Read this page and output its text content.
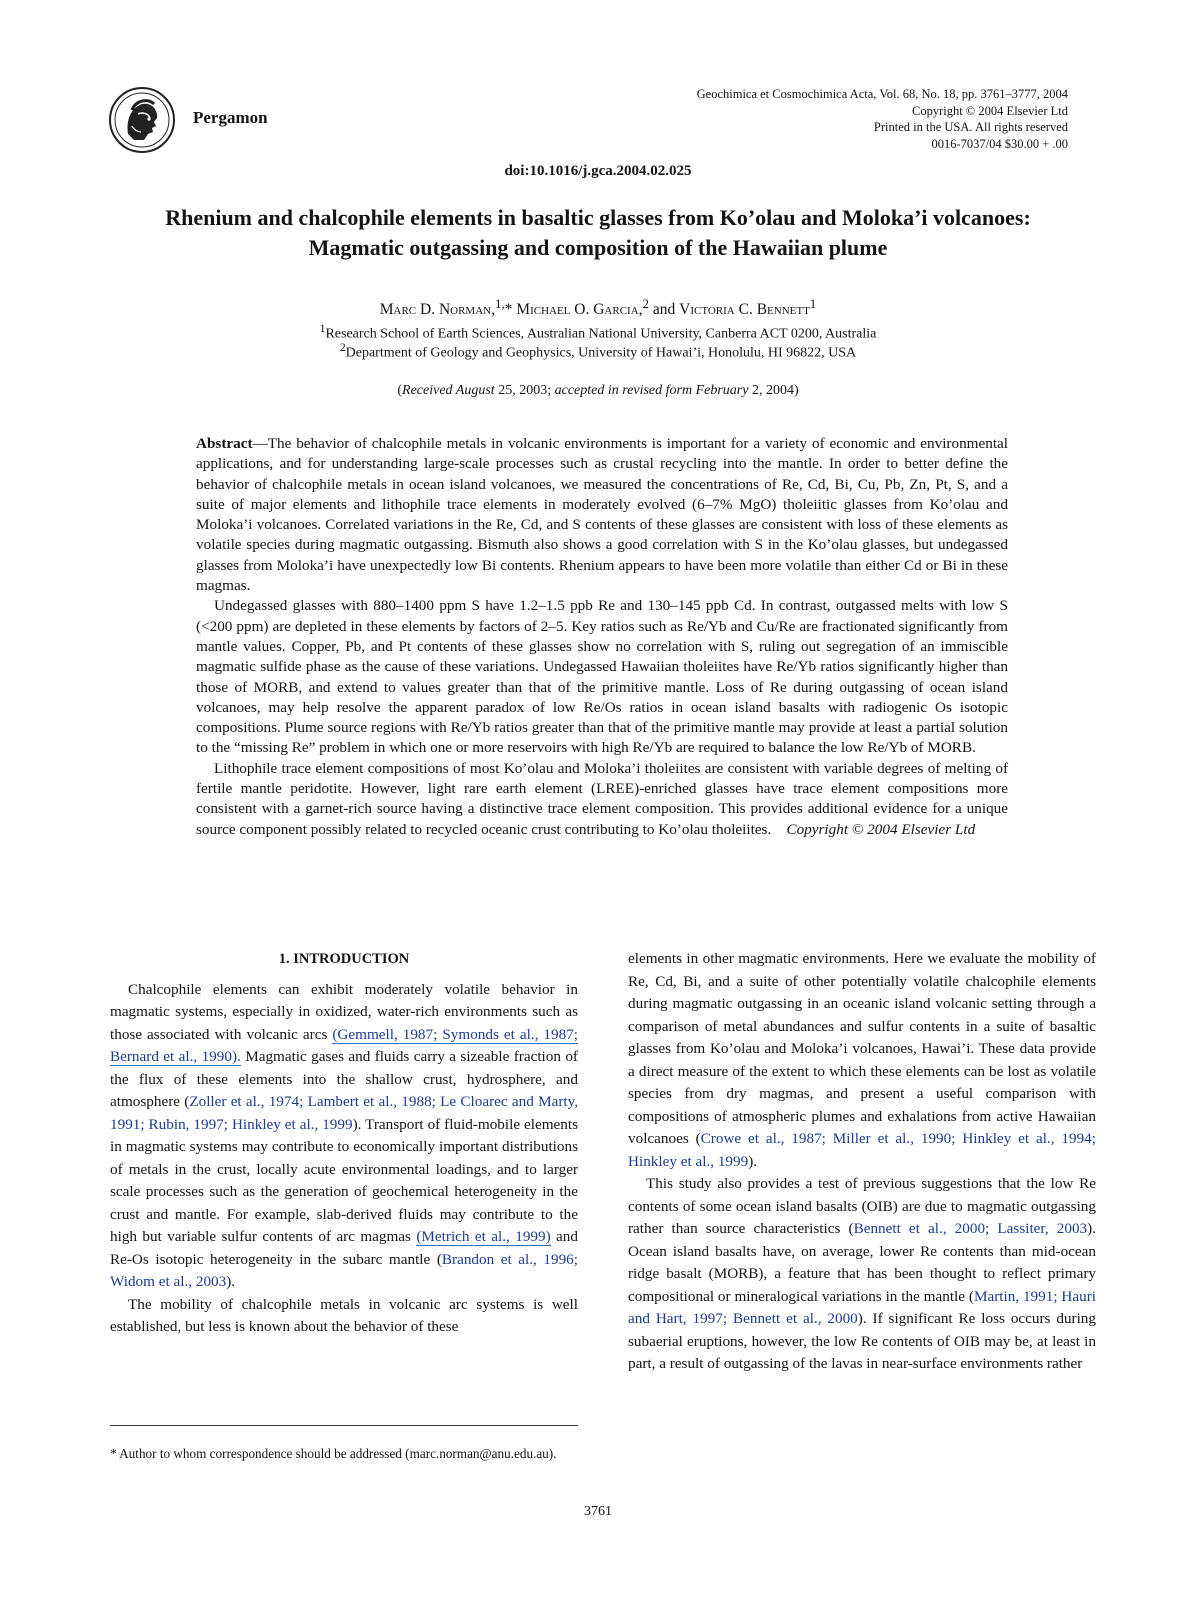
Pergamon
Geochimica et Cosmochimica Acta, Vol. 68, No. 18, pp. 3761–3777, 2004
Copyright © 2004 Elsevier Ltd
Printed in the USA. All rights reserved
0016-7037/04 $30.00 + .00
doi:10.1016/j.gca.2004.02.025
Rhenium and chalcophile elements in basaltic glasses from Ko’olau and Moloka’i volcanoes: Magmatic outgassing and composition of the Hawaiian plume
Marc D. Norman,$^{1,}$* Michael O. Garcia,$^2$ and Victoria C. Bennett$^1$
$^1$Research School of Earth Sciences, Australian National University, Canberra ACT 0200, Australia
$^2$Department of Geology and Geophysics, University of Hawai’i, Honolulu, HI 96822, USA
(Received August 25, 2003; accepted in revised form February 2, 2004)

Abstract—The behavior of chalcophile metals in volcanic environments is important for a variety of economic and environmental applications, and for understanding large-scale processes such as crustal recycling into the mantle. In order to better define the behavior of chalcophile metals in ocean island volcanoes, we measured the concentrations of Re, Cd, Bi, Cu, Pb, Zn, Pt, S, and a suite of major elements and lithophile trace elements in moderately evolved (6–7% MgO) tholeiitic glasses from Ko’olau and Moloka’i volcanoes. Correlated variations in the Re, Cd, and S contents of these glasses are consistent with loss of these elements as volatile species during magmatic outgassing. Bismuth also shows a good correlation with S in the Ko’olau glasses, but undegassed glasses from Moloka’i have unexpectedly low Bi contents. Rhenium appears to have been more volatile than either Cd or Bi in these magmas.

Undegassed glasses with 880–1400 ppm S have 1.2–1.5 ppb Re and 130–145 ppb Cd. In contrast, outgassed melts with low S (<200 ppm) are depleted in these elements by factors of 2–5. Key ratios such as Re/Yb and Cu/Re are fractionated significantly from mantle values. Copper, Pb, and Pt contents of these glasses show no correlation with S, ruling out segregation of an immiscible magmatic sulfide phase as the cause of these variations. Undegassed Hawaiian tholeiites have Re/Yb ratios significantly higher than those of MORB, and extend to values greater than that of the primitive mantle. Loss of Re during outgassing of ocean island volcanoes, may help resolve the apparent paradox of low Re/Os ratios in ocean island basalts with radiogenic Os isotopic compositions. Plume source regions with Re/Yb ratios greater than that of the primitive mantle may provide at least a partial solution to the “missing Re” problem in which one or more reservoirs with high Re/Yb are required to balance the low Re/Yb of MORB.

Lithophile trace element compositions of most Ko’olau and Moloka’i tholeiites are consistent with variable degrees of melting of fertile mantle peridotite. However, light rare earth element (LREE)-enriched glasses have trace element compositions more consistent with a garnet-rich source having a distinctive trace element composition. This provides additional evidence for a unique source component possibly related to recycled oceanic crust contributing to Ko’olau tholeiites. Copyright © 2004 Elsevier Ltd

1. INTRODUCTION

Chalcophile elements can exhibit moderately volatile behavior in magmatic systems, especially in oxidized, water-rich environments such as those associated with volcanic arcs (Gemmell, 1987; Symonds et al., 1987; Bernard et al., 1990). Magmatic gases and fluids carry a sizeable fraction of the flux of these elements into the shallow crust, hydrosphere, and atmosphere (Zoller et al., 1974; Lambert et al., 1988; Le Cloarec and Marty, 1991; Rubin, 1997; Hinkley et al., 1999). Transport of fluid-mobile elements in magmatic systems may contribute to economically important distributions of metals in the crust, locally acute environmental loadings, and to larger scale processes such as the generation of geochemical heterogeneity in the crust and mantle. For example, slab-derived fluids may contribute to the high but variable sulfur contents of arc magmas (Metrich et al., 1999) and Re-Os isotopic heterogeneity in the subarc mantle (Brandon et al., 1996; Widom et al., 2003).

The mobility of chalcophile metals in volcanic arc systems is well established, but less is known about the behavior of these

elements in other magmatic environments. Here we evaluate the mobility of Re, Cd, Bi, and a suite of other potentially volatile chalcophile elements during magmatic outgassing in an oceanic island volcanic setting through a comparison of metal abundances and sulfur contents in a suite of basaltic glasses from Ko’olau and Moloka’i volcanoes, Hawai’i. These data provide a direct measure of the extent to which these elements can be lost as volatile species from dry magmas, and present a useful comparison with compositions of atmospheric plumes and exhalations from active Hawaiian volcanoes (Crowe et al., 1987; Miller et al., 1990; Hinkley et al., 1994; Hinkley et al., 1999).

This study also provides a test of previous suggestions that the low Re contents of some ocean island basalts (OIB) are due to magmatic outgassing rather than source characteristics (Bennett et al., 2000; Lassiter, 2003). Ocean island basalts have, on average, lower Re contents than mid-ocean ridge basalt (MORB), a feature that has been thought to reflect primary compositional or mineralogical variations in the mantle (Martin, 1991; Hauri and Hart, 1997; Bennett et al., 2000). If significant Re loss occurs during subaerial eruptions, however, the low Re contents of OIB may be, at least in part, a result of outgassing of the lavas in near-surface environments rather

* Author to whom correspondence should be addressed (marc.norman@anu.edu.au).
3761
